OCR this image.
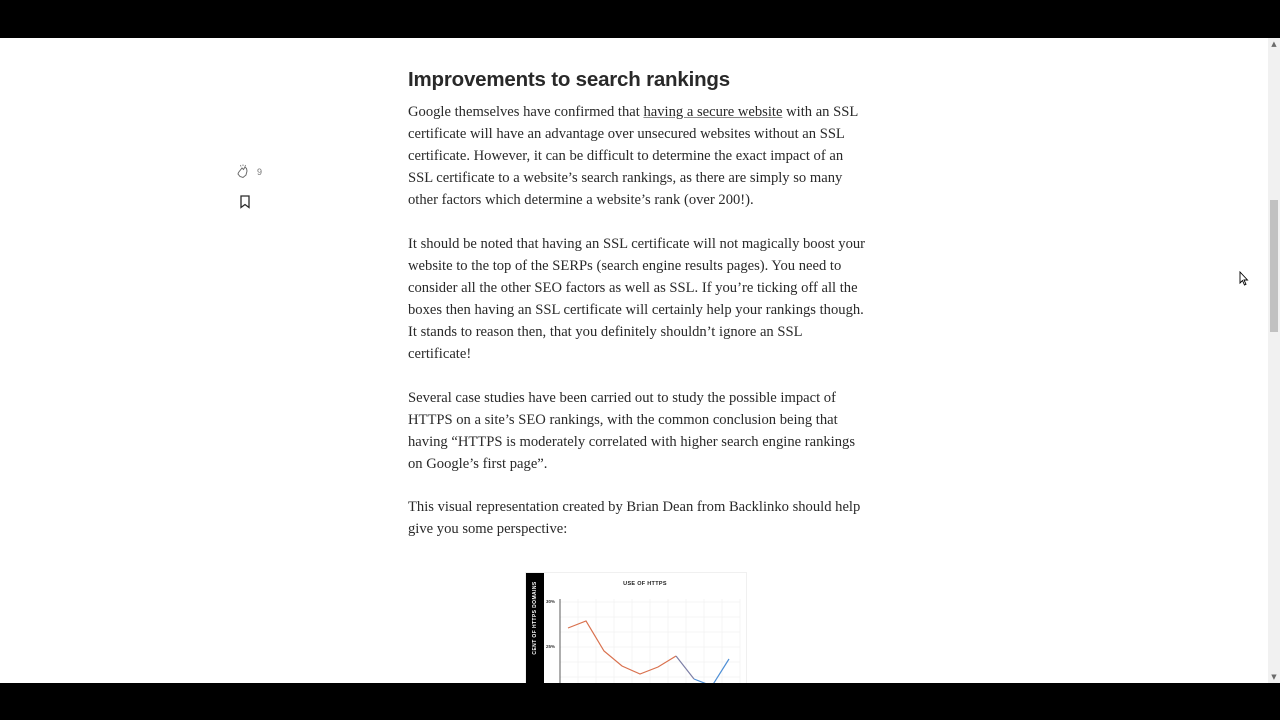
9
Improvements to search rankings

Google themselves have confirmed that having a secure website with an SSL certificate will have an advantage over unsecured websites without an SSL certificate. However, it can be difficult to determine the exact impact of an SSL certificate to a website’s search rankings, as there are simply so many other factors which determine a website’s rank (over 200!).

It should be noted that having an SSL certificate will not magically boost your website to the top of the SERPs (search engine results pages). You need to consider all the other SEO factors as well as SSL. If you’re ticking off all the boxes then having an SSL certificate will certainly help your rankings though. It stands to reason then, that you definitely shouldn’t ignore an SSL certificate!

Several case studies have been carried out to study the possible impact of HTTPS on a site’s SEO rankings, with the common conclusion being that having “HTTPS is moderately correlated with higher search engine rankings on Google’s first page”.

This visual representation created by Brian Dean from Backlinko should help give you some perspective:

CENT OF HTTPS DOMAINS	USE OF HTTPS
30%
25%
▲
▼
